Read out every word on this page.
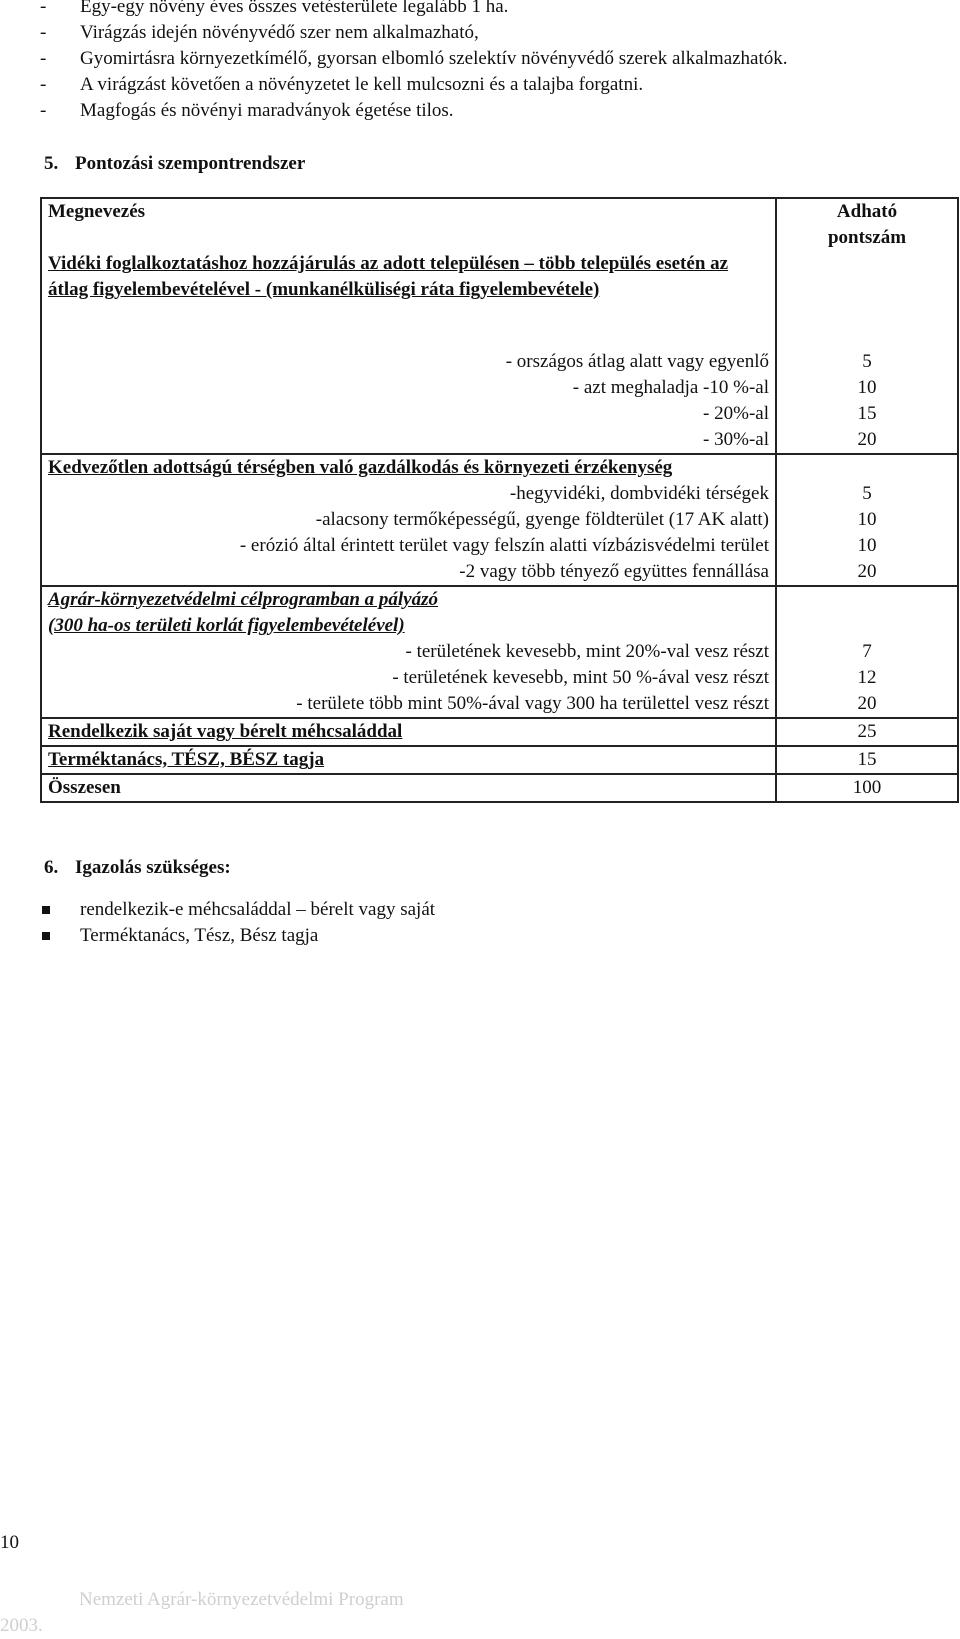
- Egy-egy növény éves összes vetésterülete legalább 1 ha.
- Virágzás idején növényvédő szer nem alkalmazható,
- Gyomirtásra környezetkímélő, gyorsan elbomló szelektív növényvédő szerek alkalmazhatók.
- A virágzást követően a növényzetet le kell mulcsozni és a talajba forgatni.
- Magfogás és növényi maradványok égetése tilos.
5. Pontozási szempontrendszer
Megnevezés	Adható pontszám

Vidéki foglalkoztatáshoz hozzájárulás az adott településen – több település esetén az átlag figyelembevételével - (munkanélküliségi ráta figyelembevétele)	
- országos átlag alatt vagy egyenlő	5
- azt meghaladja -10 %-al	10
- 20%-al	15
- 30%-al	20
Kedvezőtlen adottságú térségben való gazdálkodás és környezeti érzékenység	
-hegyvidéki, dombvidéki térségek	5
-alacsony termőképességű, gyenge földterület (17 AK alatt)	10
- erózió által érintett terület vagy felszín alatti vízbázisvédelmi terület	10
-2 vagy több tényező együttes fennállása	20

Agrár-környezetvédelmi célprogramban a pályázó
(300 ha-os területi korlát figyelembevételével)	

- területének kevesebb, mint 20%-val vesz részt	7
- területének kevesebb, mint 50 %-ával vesz részt	12
- területe több mint 50%-ával vagy 300 ha területtel vesz részt	20
Rendelkezik saját vagy bérelt méhcsaláddal	25
Terméktanács, TÉSZ, BÉSZ tagja	15
Összesen	100
6. Igazolás szükséges:
rendelkezik-e méhcsaláddal – bérelt vagy saját
Terméktanács, Tész, Bész tagja
10
Nemzeti Agrár-környezetvédelmi Program
2003.
